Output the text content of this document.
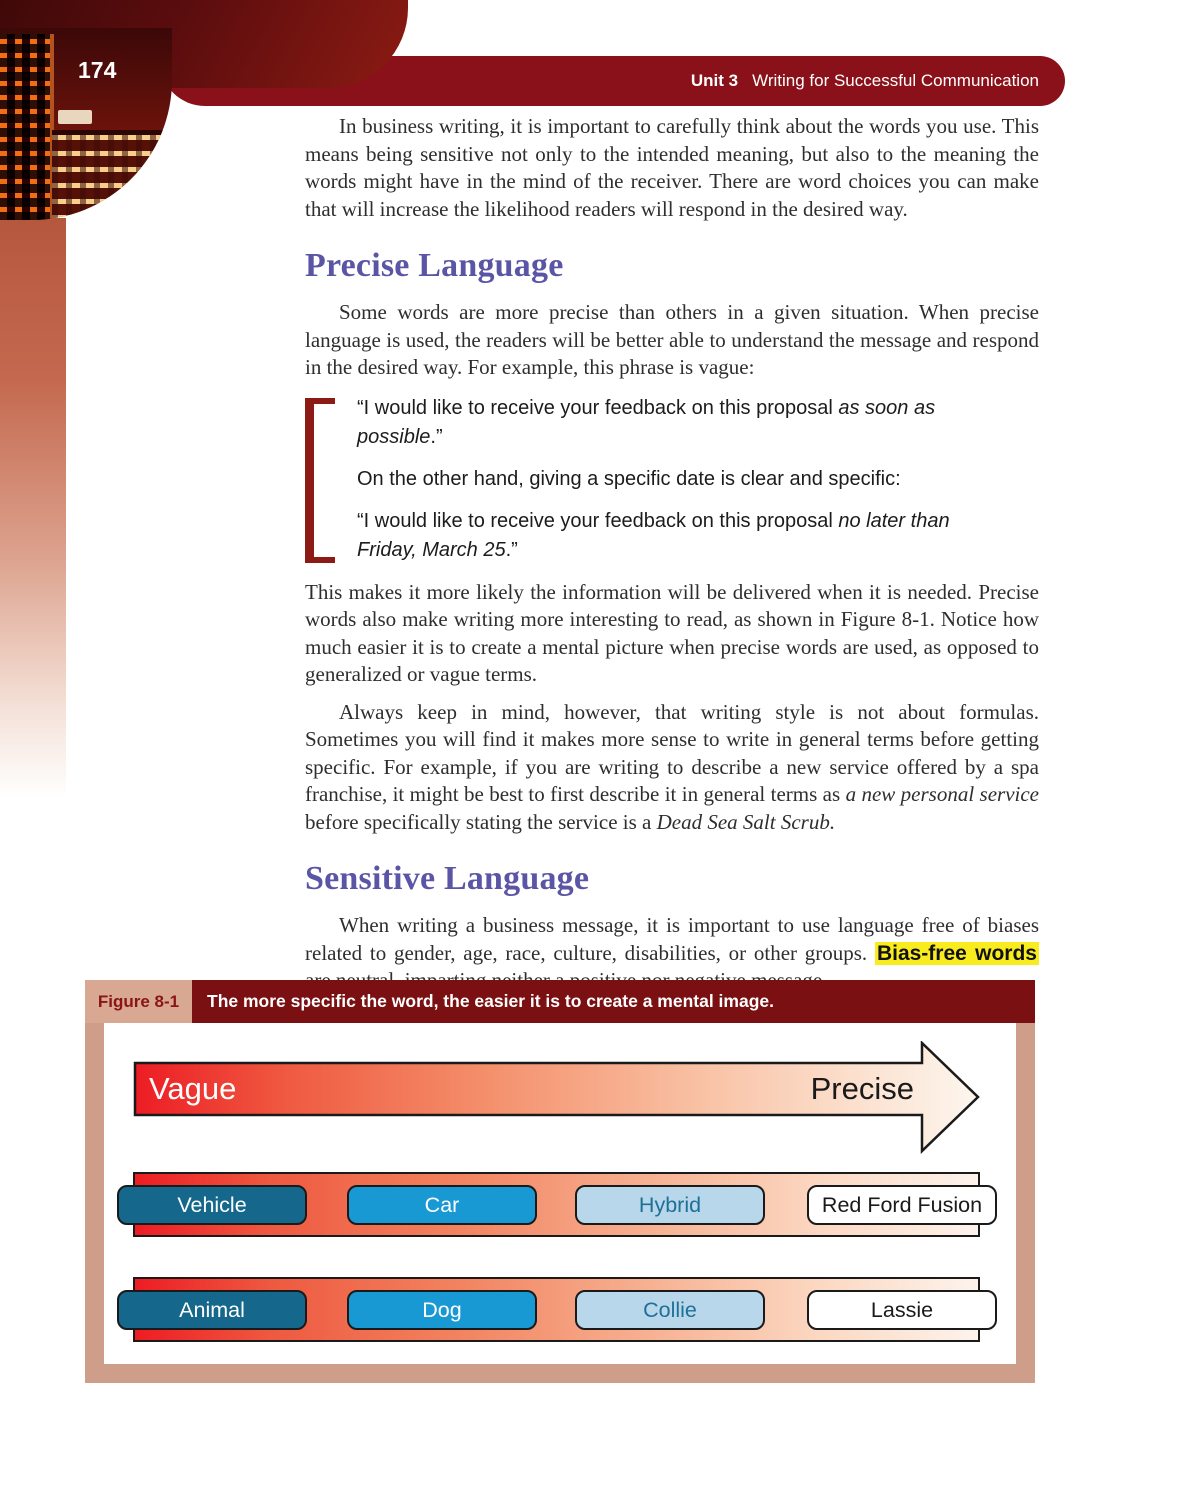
Unit 3 Writing for Successful Communication
174

In business writing, it is important to carefully think about the words you use. This means being sensitive not only to the intended meaning, but also to the meaning the words might have in the mind of the receiver. There are word choices you can make that will increase the likelihood readers will respond in the desired way.

Precise Language

Some words are more precise than others in a given situation. When precise language is used, the readers will be better able to understand the message and respond in the desired way. For example, this phrase is vague:

“I would like to receive your feedback on this proposal as soon as possible.”

On the other hand, giving a specific date is clear and specific:

“I would like to receive your feedback on this proposal no later than Friday, March 25.”

This makes it more likely the information will be delivered when it is needed. Precise words also make writing more interesting to read, as shown in Figure 8-1. Notice how much easier it is to create a mental picture when precise words are used, as opposed to generalized or vague terms.

Always keep in mind, however, that writing style is not about formulas. Sometimes you will find it makes more sense to write in general terms before getting specific. For example, if you are writing to describe a new service offered by a spa franchise, it might be best to first describe it in general terms as a new personal service before specifically stating the service is a Dead Sea Salt Scrub.

Sensitive Language

When writing a business message, it is important to use language free of biases related to gender, age, race, culture, disabilities, or other groups. Bias-free words

Figure 8-1	The more specific the word, the easier it is to create a mental image.
Vague	Precise
Vehicle	Car	Hybrid	Red Ford Fusion
Animal	Dog	Collie	Lassie
